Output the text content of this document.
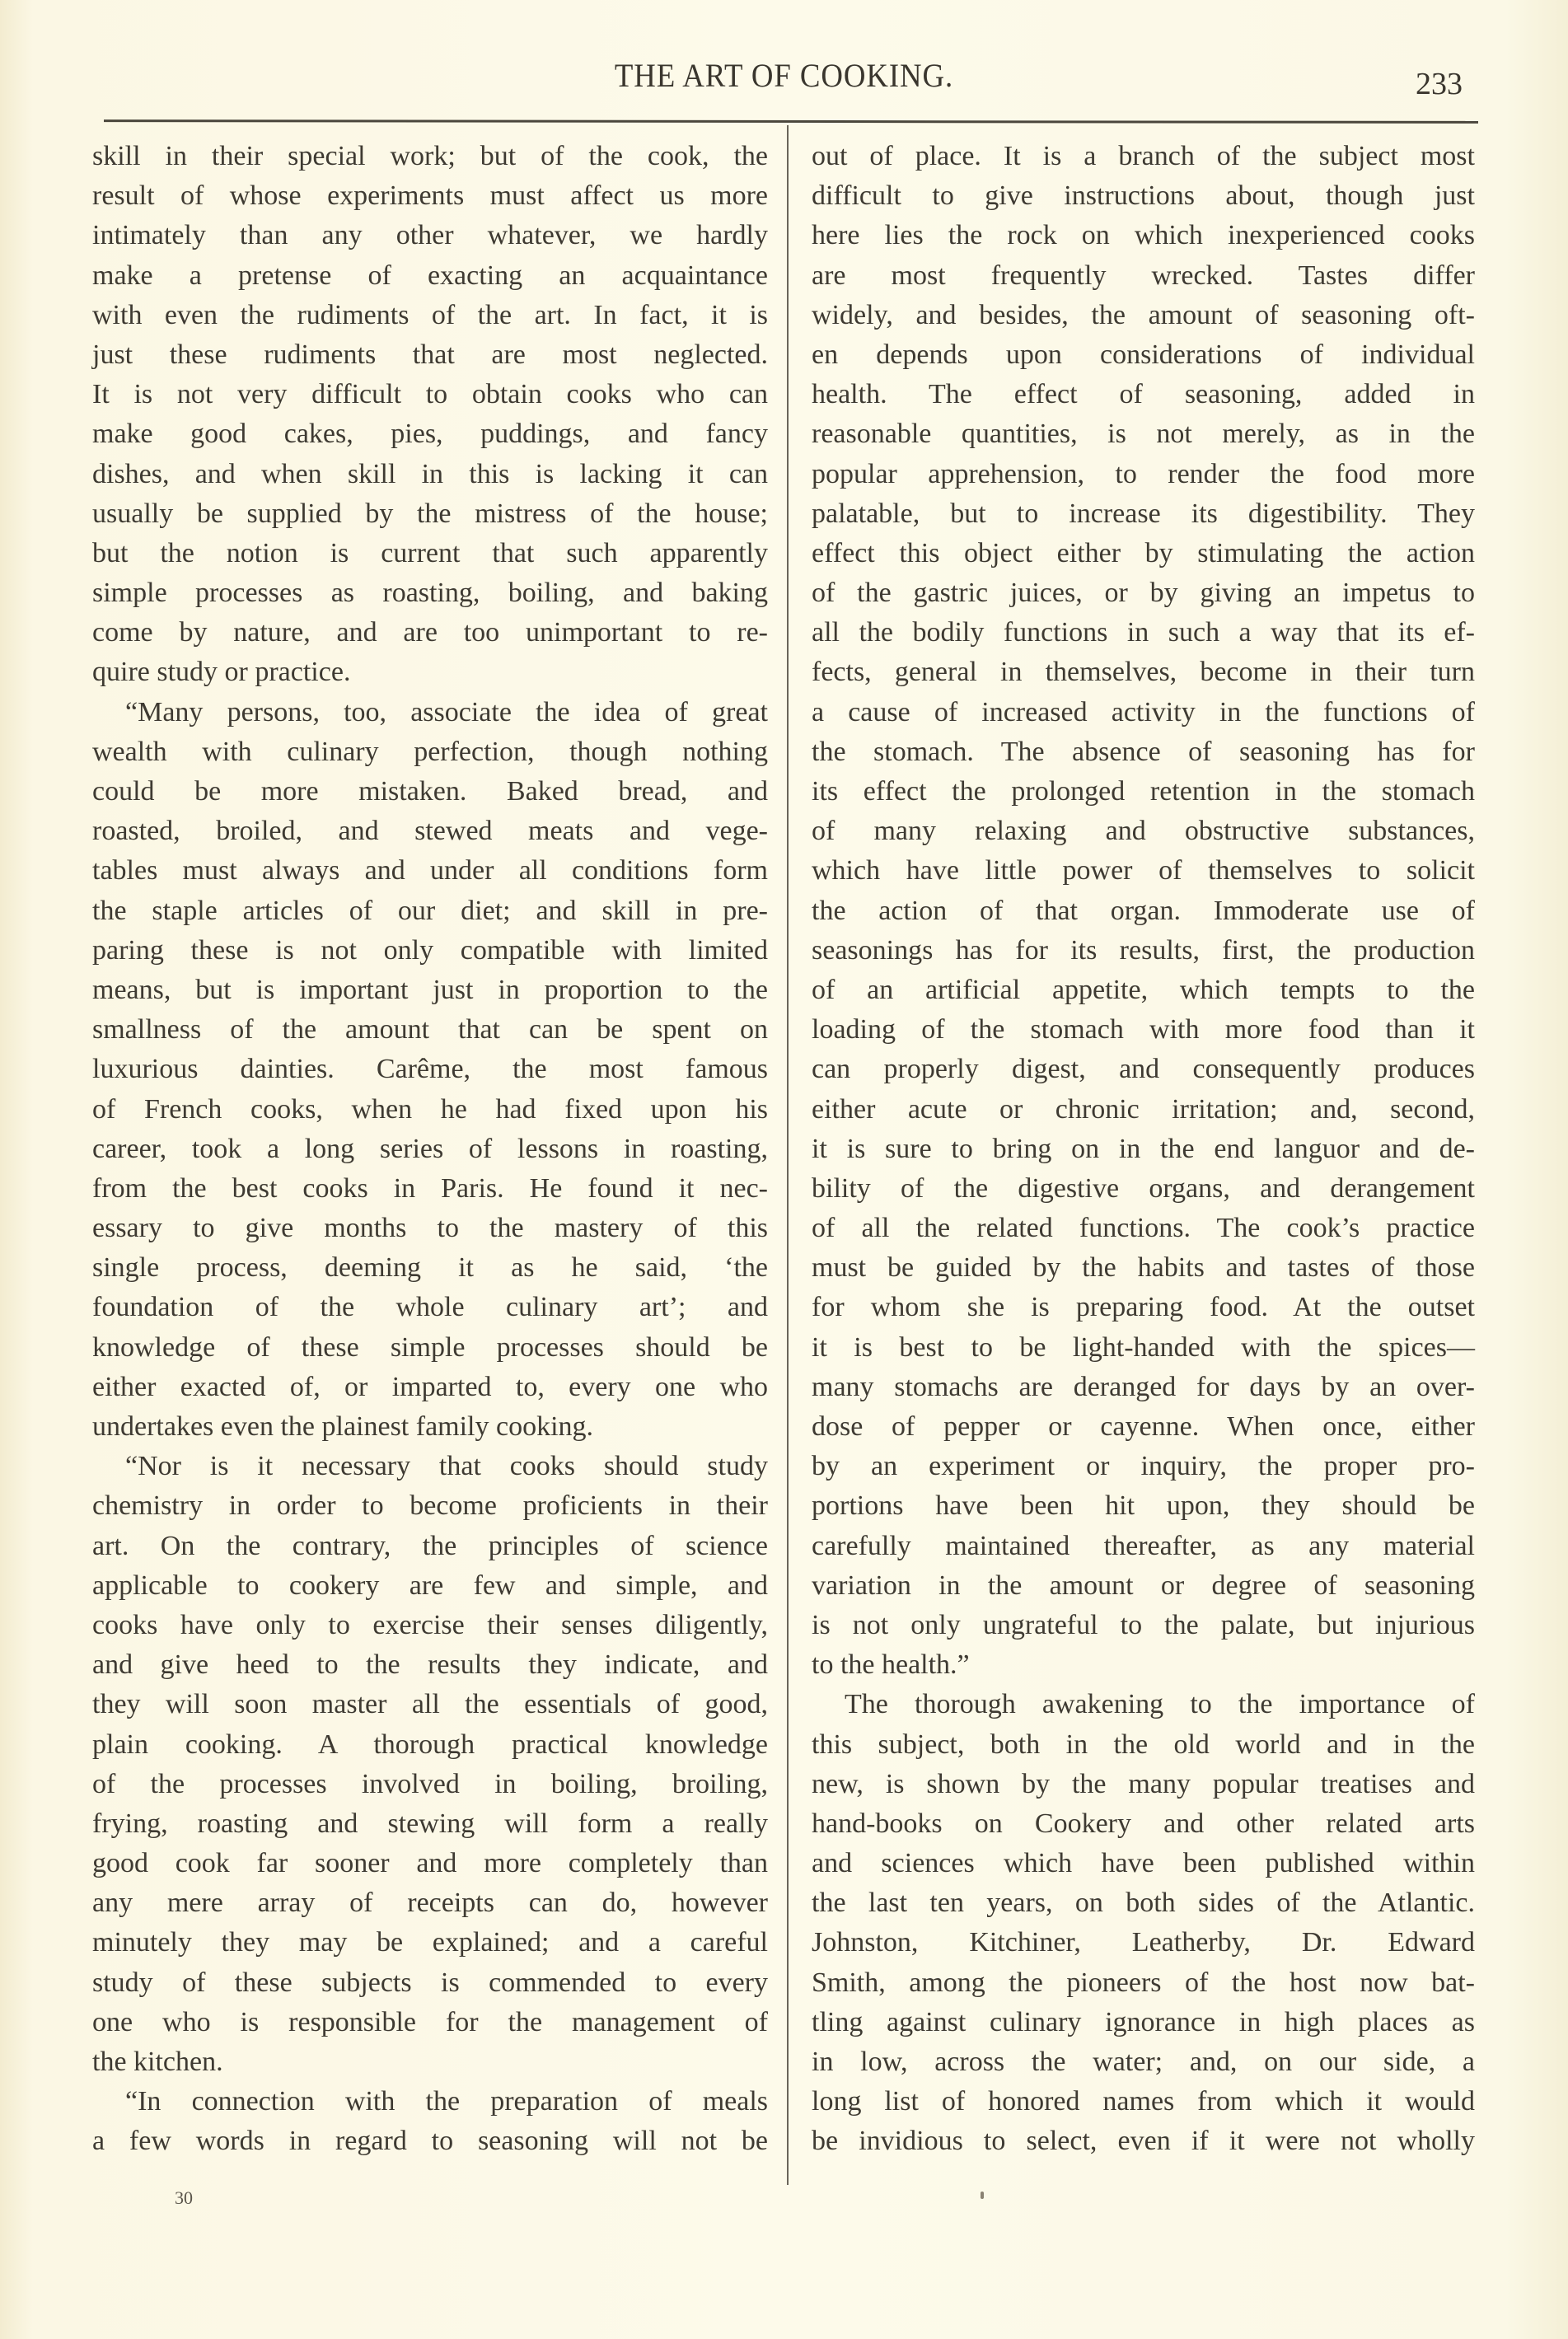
THE ART OF COOKING.	233
skill in their special work; but of the cook, the
result of whose experiments must affect us more
intimately than any other whatever, we hardly
make a pretense of exacting an acquaintance
with even the rudiments of the art. In fact, it is
just these rudiments that are most neglected.
It is not very difficult to obtain cooks who can
make good cakes, pies, puddings, and fancy
dishes, and when skill in this is lacking it can
usually be supplied by the mistress of the house;
but the notion is current that such apparently
simple processes as roasting, boiling, and baking
come by nature, and are too unimportant to re-
quire study or practice.
“Many persons, too, associate the idea of great
wealth with culinary perfection, though nothing
could be more mistaken. Baked bread, and
roasted, broiled, and stewed meats and vege-
tables must always and under all conditions form
the staple articles of our diet; and skill in pre-
paring these is not only compatible with limited
means, but is important just in proportion to the
smallness of the amount that can be spent on
luxurious dainties. Carême, the most famous
of French cooks, when he had fixed upon his
career, took a long series of lessons in roasting,
from the best cooks in Paris. He found it nec-
essary to give months to the mastery of this
single process, deeming it as he said, ‘the
foundation of the whole culinary art’; and
knowledge of these simple processes should be
either exacted of, or imparted to, every one who
undertakes even the plainest family cooking.
“Nor is it necessary that cooks should study
chemistry in order to become proficients in their
art. On the contrary, the principles of science
applicable to cookery are few and simple, and
cooks have only to exercise their senses diligently,
and give heed to the results they indicate, and
they will soon master all the essentials of good,
plain cooking. A thorough practical knowledge
of the processes involved in boiling, broiling,
frying, roasting and stewing will form a really
good cook far sooner and more completely than
any mere array of receipts can do, however
minutely they may be explained; and a careful
study of these subjects is commended to every
one who is responsible for the management of
the kitchen.
“In connection with the preparation of meals
a few words in regard to seasoning will not be
out of place. It is a branch of the subject most
difficult to give instructions about, though just
here lies the rock on which inexperienced cooks
are most frequently wrecked. Tastes differ
widely, and besides, the amount of seasoning oft-
en depends upon considerations of individual
health. The effect of seasoning, added in
reasonable quantities, is not merely, as in the
popular apprehension, to render the food more
palatable, but to increase its digestibility. They
effect this object either by stimulating the action
of the gastric juices, or by giving an impetus to
all the bodily functions in such a way that its ef-
fects, general in themselves, become in their turn
a cause of increased activity in the functions of
the stomach. The absence of seasoning has for
its effect the prolonged retention in the stomach
of many relaxing and obstructive substances,
which have little power of themselves to solicit
the action of that organ. Immoderate use of
seasonings has for its results, first, the production
of an artificial appetite, which tempts to the
loading of the stomach with more food than it
can properly digest, and consequently produces
either acute or chronic irritation; and, second,
it is sure to bring on in the end languor and de-
bility of the digestive organs, and derangement
of all the related functions. The cook’s practice
must be guided by the habits and tastes of those
for whom she is preparing food. At the outset
it is best to be light-handed with the spices—
many stomachs are deranged for days by an over-
dose of pepper or cayenne. When once, either
by an experiment or inquiry, the proper pro-
portions have been hit upon, they should be
carefully maintained thereafter, as any material
variation in the amount or degree of seasoning
is not only ungrateful to the palate, but injurious
to the health.”
The thorough awakening to the importance of
this subject, both in the old world and in the
new, is shown by the many popular treatises and
hand-books on Cookery and other related arts
and sciences which have been published within
the last ten years, on both sides of the Atlantic.
Johnston, Kitchiner, Leatherby, Dr. Edward
Smith, among the pioneers of the host now bat-
tling against culinary ignorance in high places as
in low, across the water; and, on our side, a
long list of honored names from which it would
be invidious to select, even if it were not wholly
30
